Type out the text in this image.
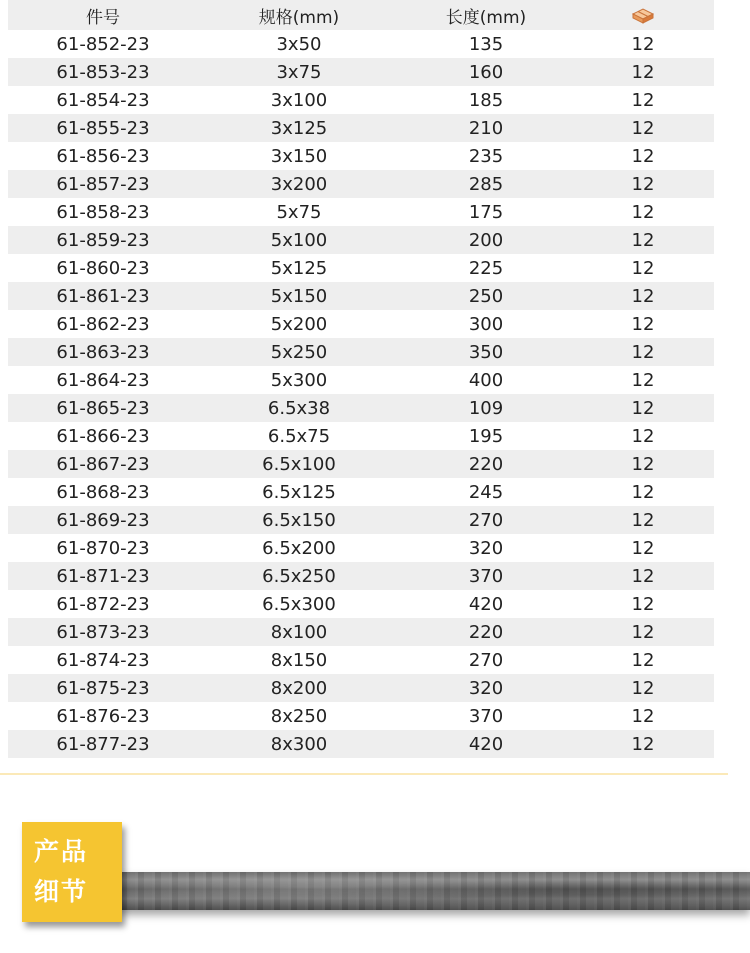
件号	规格(mm)	长度(mm)
61-852-23	3x50	135	12
61-853-23	3x75	160	12
61-854-23	3x100	185	12
61-855-23	3x125	210	12
61-856-23	3x150	235	12
61-857-23	3x200	285	12
61-858-23	5x75	175	12
61-859-23	5x100	200	12
61-860-23	5x125	225	12
61-861-23	5x150	250	12
61-862-23	5x200	300	12
61-863-23	5x250	350	12
61-864-23	5x300	400	12
61-865-23	6.5x38	109	12
61-866-23	6.5x75	195	12
61-867-23	6.5x100	220	12
61-868-23	6.5x125	245	12
61-869-23	6.5x150	270	12
61-870-23	6.5x200	320	12
61-871-23	6.5x250	370	12
61-872-23	6.5x300	420	12
61-873-23	8x100	220	12
61-874-23	8x150	270	12
61-875-23	8x200	320	12
61-876-23	8x250	370	12
61-877-23	8x300	420	12
产品
细节
